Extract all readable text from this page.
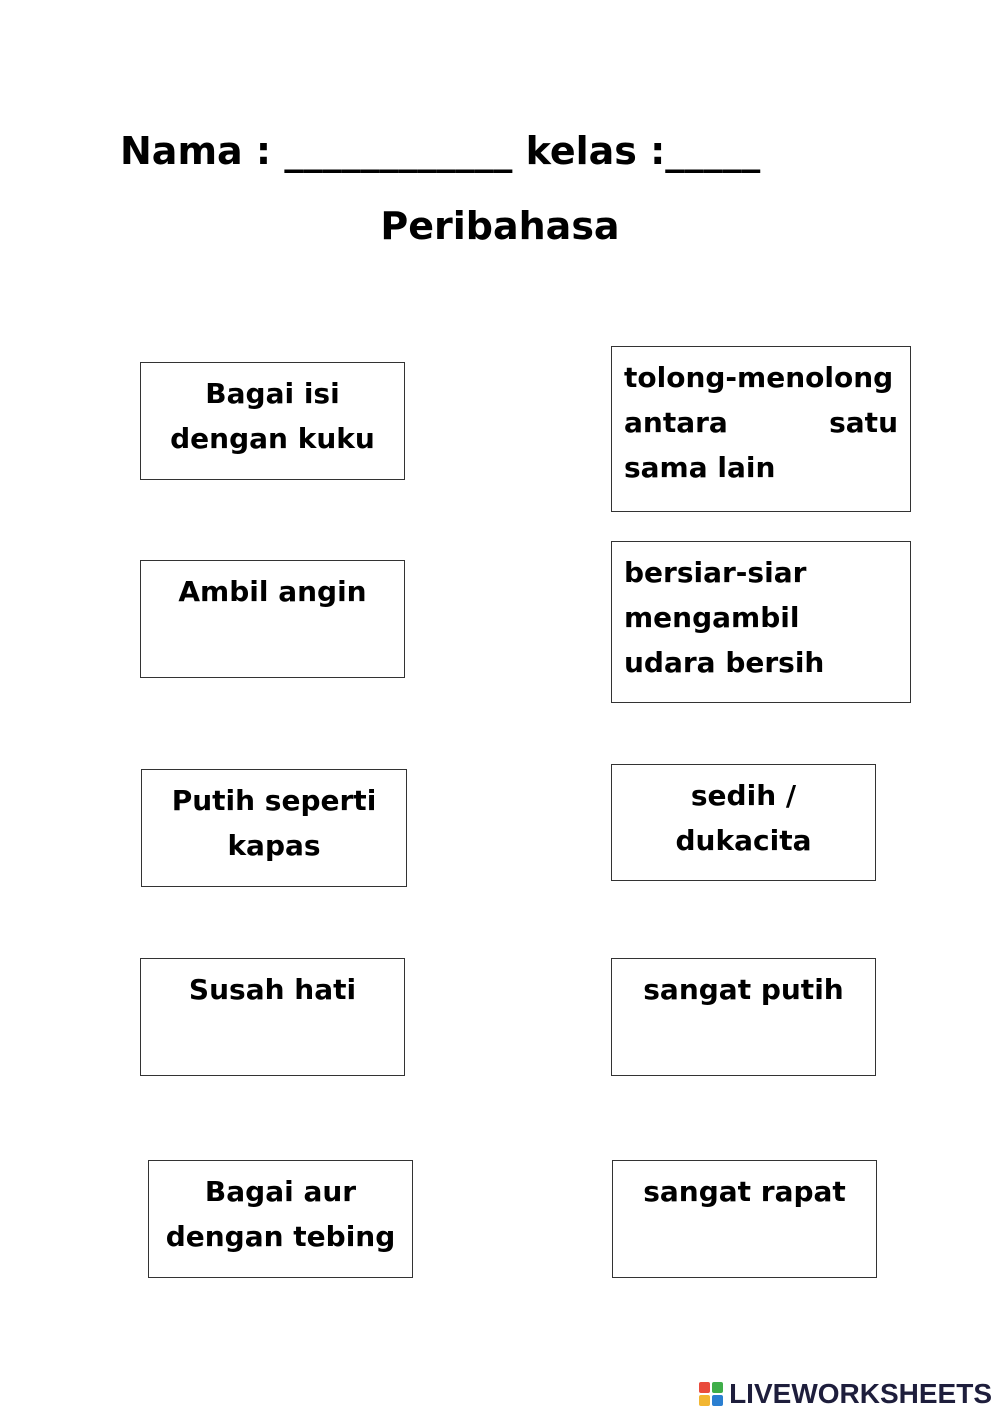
Nama : ____________ kelas :_____
Peribahasa
Bagai isi dengan kuku
Ambil angin
Putih seperti kapas
Susah hati
Bagai aur dengan tebing
tolong-menolong antara satu sama lain
bersiar-siar mengambil udara bersih
sedih / dukacita
sangat putih
sangat rapat
LIVEWORKSHEETS
